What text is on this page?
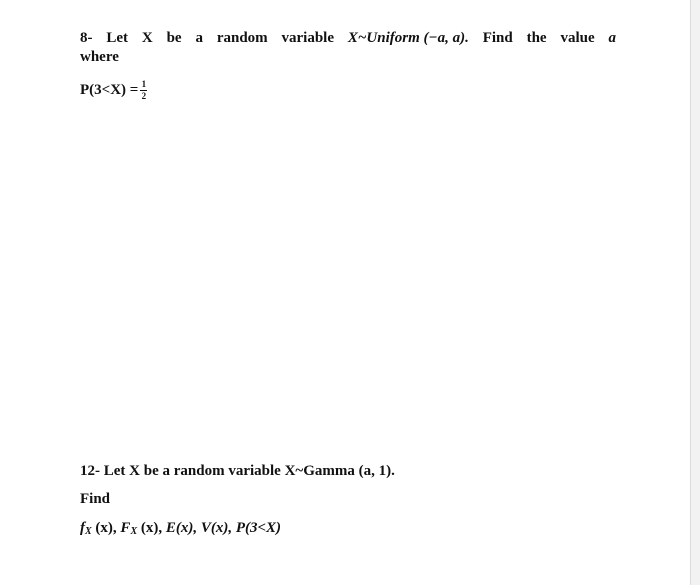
8- Let X be a random variable X~Uniform (−a, a). Find the value a
where
$P(3<X) = \frac{1}{2}$
12- Let X be a random variable X~Gamma (a, 1).
Find
$f_X$ (x), $F_X$ (x), E(x), V(x), P(3<X)
